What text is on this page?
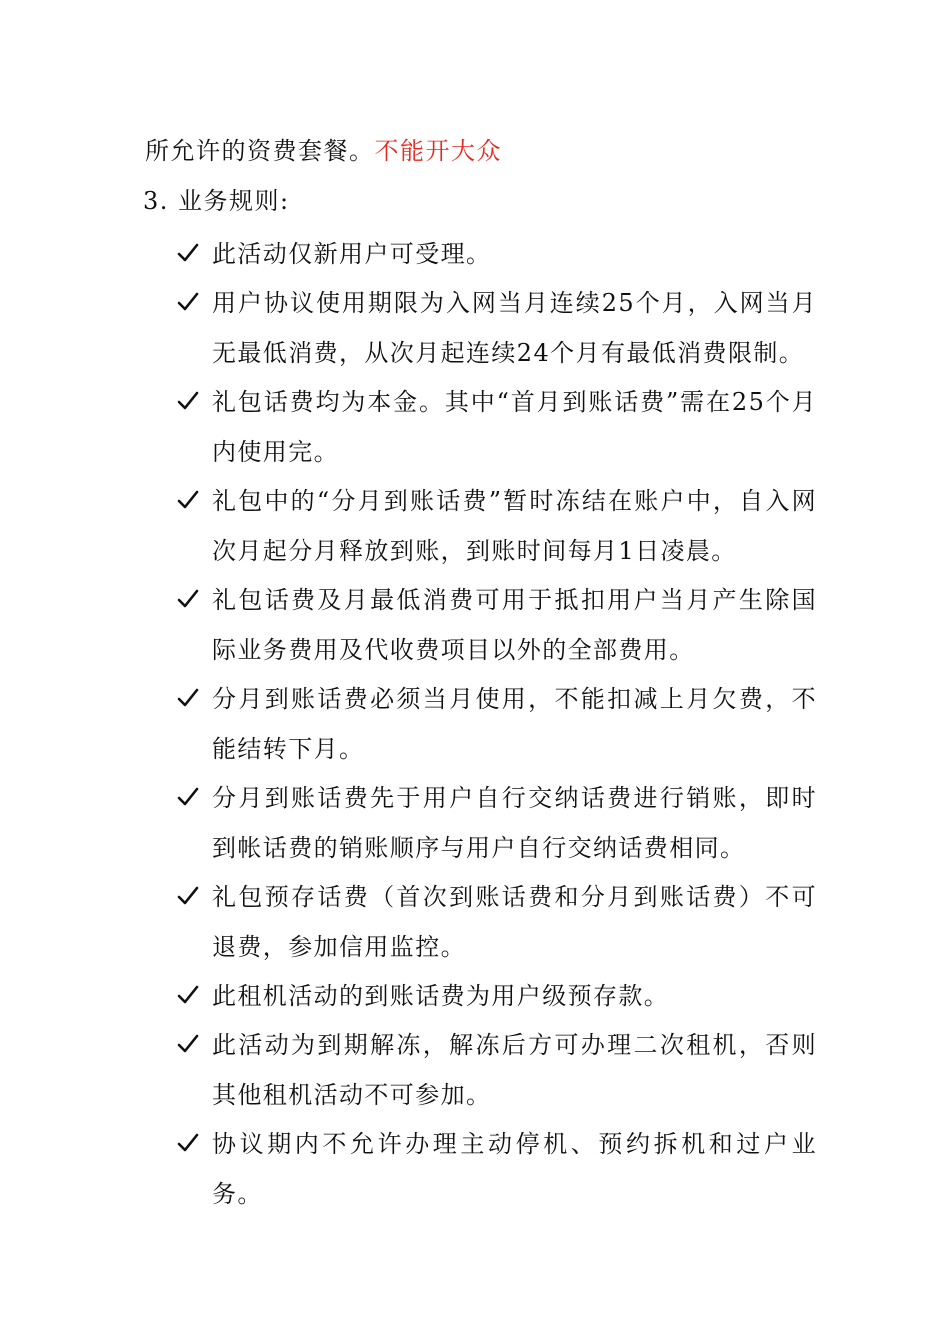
所允许的资费套餐。不能开大众
3. 业务规则:
此活动仅新用户可受理。
用户协议使用期限为入网当月连续25个月，入网当月无最低消费，从次月起连续24个月有最低消费限制。
礼包话费均为本金。其中“首月到账话费”需在25个月内使用完。
礼包中的“分月到账话费”暂时冻结在账户中，自入网次月起分月释放到账，到账时间每月1日凌晨。
礼包话费及月最低消费可用于抵扣用户当月产生除国际业务费用及代收费项目以外的全部费用。
分月到账话费必须当月使用，不能扣减上月欠费，不能结转下月。
分月到账话费先于用户自行交纳话费进行销账，即时到帐话费的销账顺序与用户自行交纳话费相同。
礼包预存话费（首次到账话费和分月到账话费）不可退费，参加信用监控。
此租机活动的到账话费为用户级预存款。
此活动为到期解冻，解冻后方可办理二次租机，否则其他租机活动不可参加。
协议期内不允许办理主动停机、预约拆机和过户业务。
